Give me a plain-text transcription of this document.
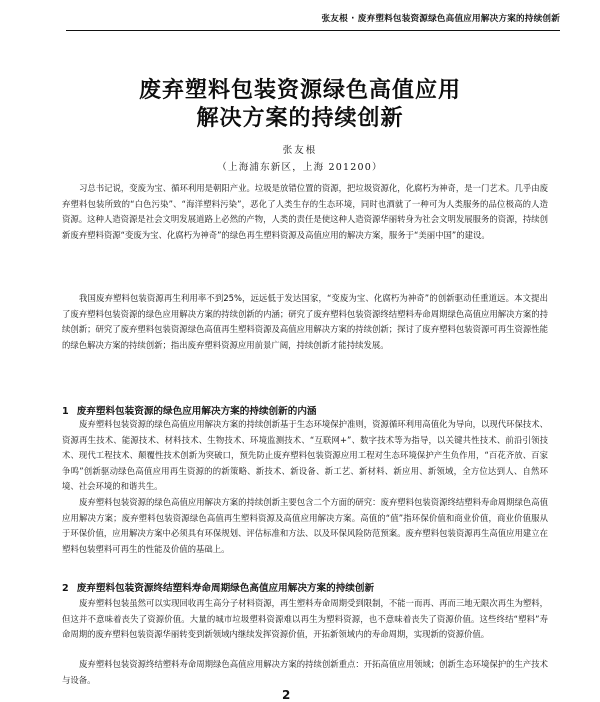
张友根 · 废弃塑料包装资源绿色高值应用解决方案的持续创新
废弃塑料包装资源绿色高值应用
解决方案的持续创新
张友根
（上海浦东新区，上海 201200）

习总书记说，变废为宝、循环利用是朝阳产业。垃圾是放错位置的资源，把垃圾资源化，化腐朽为神奇，是一门艺术。几乎由废弃塑料包装所致的“白色污染”、“海洋塑料污染”，恶化了人类生存的生态环境，同时也酒就了一种可为人类服务的品位极高的人造资源。这种人造资源是社会文明发展道路上必然的产物，人类的责任是使这种人造资源华丽转身为社会文明发展服务的资源，持续创新废弃塑料资源“变废为宝、化腐朽为神奇”的绿色再生塑料资源及高值应用的解决方案，服务于“美丽中国”的建设。

我国废弃塑料包装资源再生利用率不到25%，远远低于发达国家，“变废为宝、化腐朽为神奇”的创新驱动任重道远。本文提出了废弃塑料包装资源的绿色应用解决方案的持续创新的内涵；研究了废弃塑料包装资源终结塑料寿命周期绿色高值应用解决方案的持续创新；研究了废弃塑料包装资源绿色高值再生塑料资源及高值应用解决方案的持续创新；探讨了废弃塑料包装资源可再生资源性能的绿色解决方案的持续创新；指出废弃塑料资源应用前景广阔，持续创新才能持续发展。

1 废弃塑料包装资源的绿色应用解决方案的持续创新的内涵

废弃塑料包装资源的绿色高值应用解决方案的持续创新基于生态环境保护准则，资源循环利用高值化为导向，以现代环保技术、资源再生技术、能源技术、材料技术、生物技术、环境监测技术、“互联网+”、数字技术等为指导，以关键共性技术、前沿引领技术、现代工程技术、颠覆性技术创新为突破口，预先防止废弃塑料包装资源应用工程对生态环境保护产生负作用，“百花齐放、百家争鸣”创新驱动绿色高值应用再生资源的的新策略、新技术、新设备、新工艺、新材料、新应用、新领域，全方位达到人、自然环境、社会环境的和谐共生。

废弃塑料包装资源的绿色高值应用解决方案的持续创新主要包含二个方面的研究：废弃塑料包装资源终结塑料寿命周期绿色高值应用解决方案；废弃塑料包装资源绿色高值再生塑料资源及高值应用解决方案。高值的“值”指环保价值和商业价值，商业价值服从于环保价值，应用解决方案中必须具有环保规划、评估标准和方法、以及环保风险防范预案。废弃塑料包装资源再生高值应用建立在塑料包装塑料可再生的性能及价值的基础上。

2 废弃塑料包装资源终结塑料寿命周期绿色高值应用解决方案的持续创新

废弃塑料包装虽然可以实现回收再生高分子材料资源，再生塑料寿命周期受到限制，不能一而再、再而三地无限次再生为塑料，但这并不意味着丧失了资源价值。大量的城市垃圾塑料资源难以再生为塑料资源，也不意味着丧失了资源价值。这些终结“塑料”寿命周期的废弃塑料包装资源华丽转变到新领域内继续发挥资源价值，开拓新领域内的寿命周期，实现新的资源价值。

废弃塑料包装资源终结塑料寿命周期绿色高值应用解决方案的持续创新重点：开拓高值应用领域；创新生态环境保护的生产技术与设备。

2
